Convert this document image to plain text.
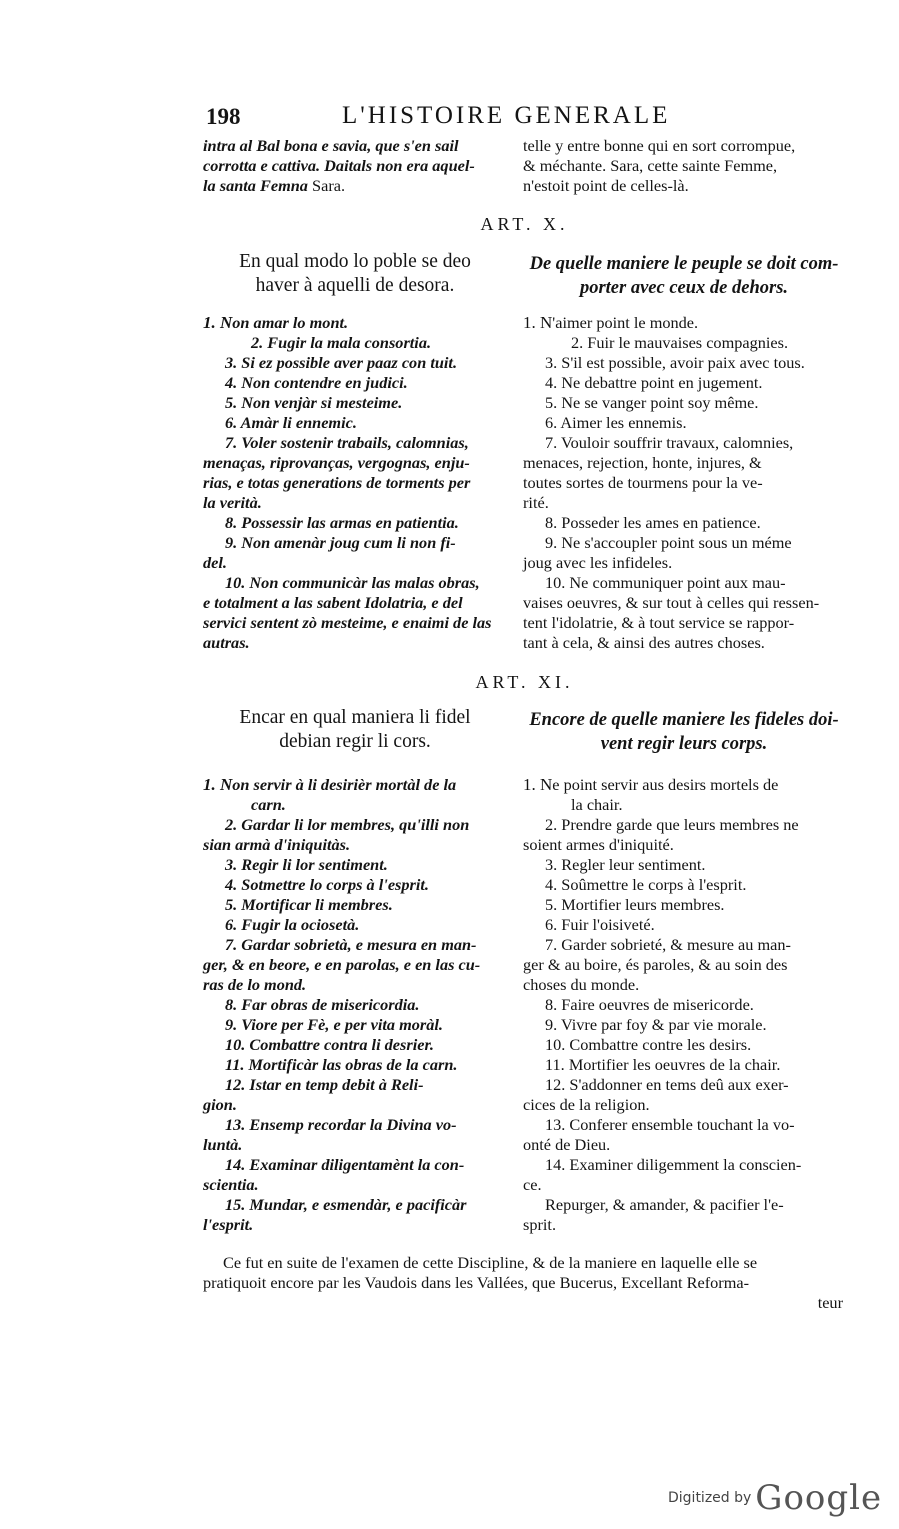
198	L'HISTOIRE GENERALE
intra al Bal bona e savia, que s'en sail
corrotta e cattiva. Daitals non era aquel-
la santa Femna Sara.
telle y entre bonne qui en sort corrompue,
& méchante. Sara, cette sainte Femme,
n'estoit point de celles-là.
ART. X.
En qual modo lo poble se deo
haver à aquelli de desora.
De quelle maniere le peuple se doit com-
porter avec ceux de dehors.
1. Non amar lo mont.

2. Fugir la mala consortia.
3. Si ez possible aver paaz con tuit.
4. Non contendre en judici.
5. Non venjàr si mesteime.
6. Amàr li ennemic.
7. Voler sostenir trabails, calomnias,
menaças, riprovanças, vergognas, enju-
rias, e totas generations de torments per
la verità.
8. Possessir las armas en patientia.
9. Non amenàr joug cum li non fi-
del.
10. Non communicàr las malas obras,
e totalment a las sabent Idolatria, e del
servici sentent zò mesteime, e enaimi de las
autras.
1. N'aimer point le monde.

2. Fuir le mauvaises compagnies.
3. S'il est possible, avoir paix avec tous.
4. Ne debattre point en jugement.
5. Ne se vanger point soy même.
6. Aimer les ennemis.
7. Vouloir souffrir travaux, calomnies,
menaces, rejection, honte, injures, &
toutes sortes de tourmens pour la ve-
rité.
8. Posseder les ames en patience.
9. Ne s'accoupler point sous un méme
joug avec les infideles.
10. Ne communiquer point aux mau-
vaises oeuvres, & sur tout à celles qui ressen-
tent l'idolatrie, & à tout service se rappor-
tant à cela, & ainsi des autres choses.
ART. XI.
Encar en qual maniera li fidel
debian regir li cors.
Encore de quelle maniere les fideles doi-
vent regir leurs corps.
1. Non servir à li desirièr mortàl de la

carn.
2. Gardar li lor membres, qu'illi non
sian armà d'iniquitàs.
3. Regir li lor sentiment.
4. Sotmettre lo corps à l'esprit.
5. Mortificar li membres.
6. Fugir la ociosetà.
7. Gardar sobrietà, e mesura en man-
ger, & en beore, e en parolas, e en las cu-
ras de lo mond.
8. Far obras de misericordia.
9. Viore per Fè, e per vita moràl.
10. Combattre contra li desrier.
11. Mortificàr las obras de la carn.
12. Istar en temp debit à Reli-
gion.
13. Ensemp recordar la Divina vo-
luntà.
14. Examinar diligentamènt la con-
scientia.
15. Mundar, e esmendàr, e pacificàr
l'esprit.
1. Ne point servir aus desirs mortels de

la chair.
2. Prendre garde que leurs membres ne
soient armes d'iniquité.
3. Regler leur sentiment.
4. Soûmettre le corps à l'esprit.
5. Mortifier leurs membres.
6. Fuir l'oisiveté.
7. Garder sobrieté, & mesure au man-
ger & au boire, és paroles, & au soin des
choses du monde.
8. Faire oeuvres de misericorde.
9. Vivre par foy & par vie morale.
10. Combattre contre les desirs.
11. Mortifier les oeuvres de la chair.
12. S'addonner en tems deû aux exer-
cices de la religion.
13. Conferer ensemble touchant la vo-
onté de Dieu.
14. Examiner diligemment la conscien-
ce.
Repurger, & amander, & pacifier l'e-
sprit.
Ce fut en suite de l'examen de cette Discipline, & de la maniere en laquelle elle se
pratiquoit encore par les Vaudois dans les Vallées, que Bucerus, Excellant Reforma-
teur
Digitized by Google
